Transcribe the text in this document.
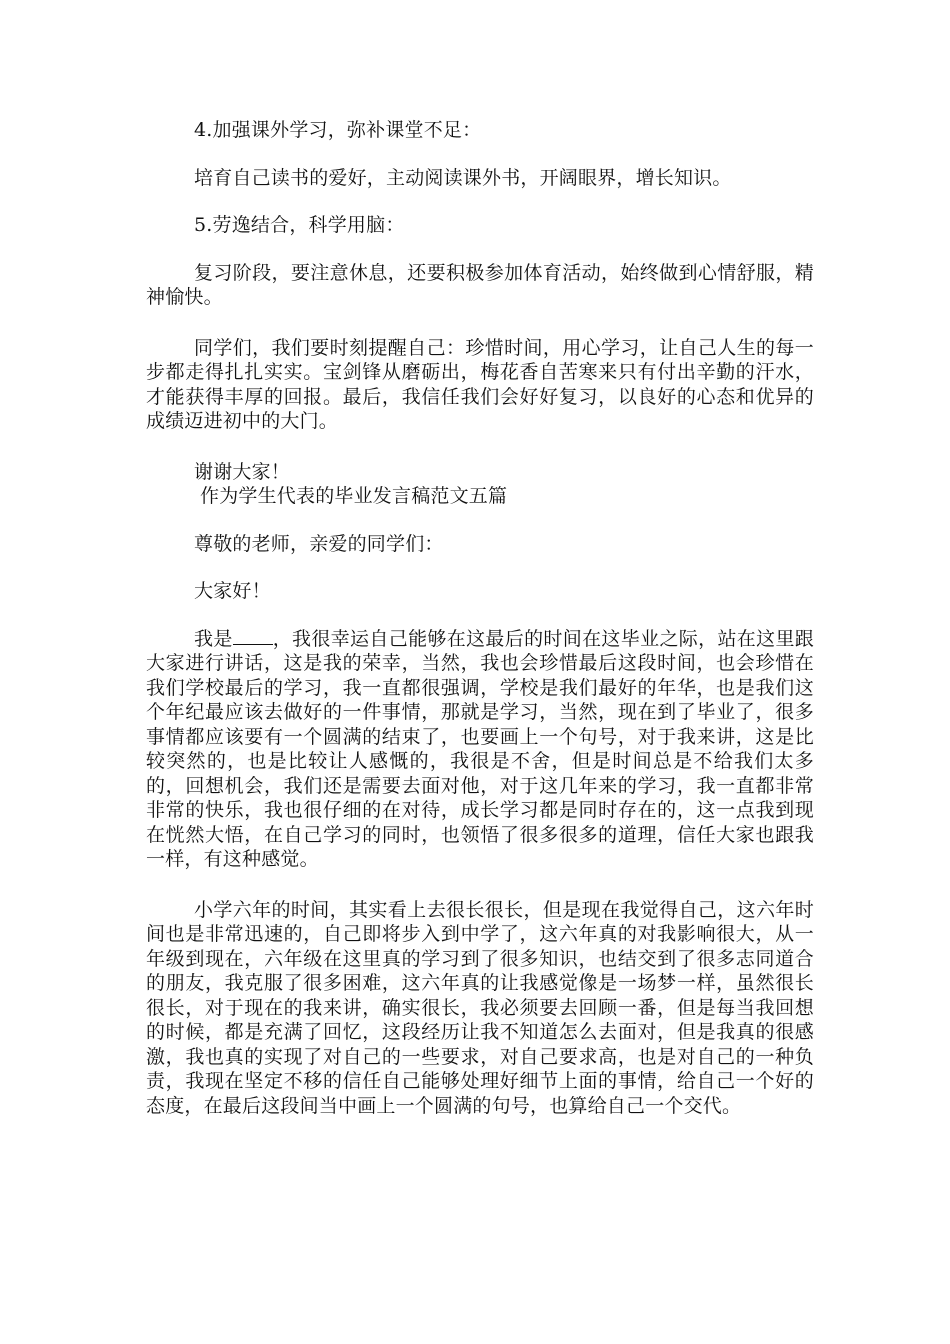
4.加强课外学习，弥补课堂不足：

培育自己读书的爱好，主动阅读课外书，开阔眼界，增长知识。

5.劳逸结合，科学用脑：

复习阶段，要注意休息，还要积极参加体育活动，始终做到心情舒服，精神愉快。

同学们，我们要时刻提醒自己：珍惜时间，用心学习，让自己人生的每一步都走得扎扎实实。宝剑锋从磨砺出，梅花香自苦寒来只有付出辛勤的汗水，才能获得丰厚的回报。最后，我信任我们会好好复习，以良好的心态和优异的成绩迈进初中的大门。

谢谢大家！

作为学生代表的毕业发言稿范文五篇

尊敬的老师，亲爱的同学们：

大家好！

我是 ，我很幸运自己能够在这最后的时间在这毕业之际，站在这里跟大家进行讲话，这是我的荣幸，当然，我也会珍惜最后这段时间，也会珍惜在我们学校最后的学习，我一直都很强调，学校是我们最好的年华，也是我们这个年纪最应该去做好的一件事情，那就是学习，当然，现在到了毕业了，很多事情都应该要有一个圆满的结束了，也要画上一个句号，对于我来讲，这是比较突然的，也是比较让人感慨的，我很是不舍，但是时间总是不给我们太多的，回想机会，我们还是需要去面对他，对于这几年来的学习，我一直都非常非常的快乐，我也很仔细的在对待，成长学习都是同时存在的，这一点我到现在恍然大悟，在自己学习的同时，也领悟了很多很多的道理，信任大家也跟我一样，有这种感觉。

小学六年的时间，其实看上去很长很长，但是现在我觉得自己，这六年时间也是非常迅速的，自己即将步入到中学了，这六年真的对我影响很大，从一年级到现在，六年级在这里真的学习到了很多知识，也结交到了很多志同道合的朋友，我克服了很多困难，这六年真的让我感觉像是一场梦一样，虽然很长很长，对于现在的我来讲，确实很长，我必须要去回顾一番，但是每当我回想的时候，都是充满了回忆，这段经历让我不知道怎么去面对，但是我真的很感激，我也真的实现了对自己的一些要求，对自己要求高，也是对自己的一种负责，我现在坚定不移的信任自己能够处理好细节上面的事情，给自己一个好的态度，在最后这段间当中画上一个圆满的句号，也算给自己一个交代。
